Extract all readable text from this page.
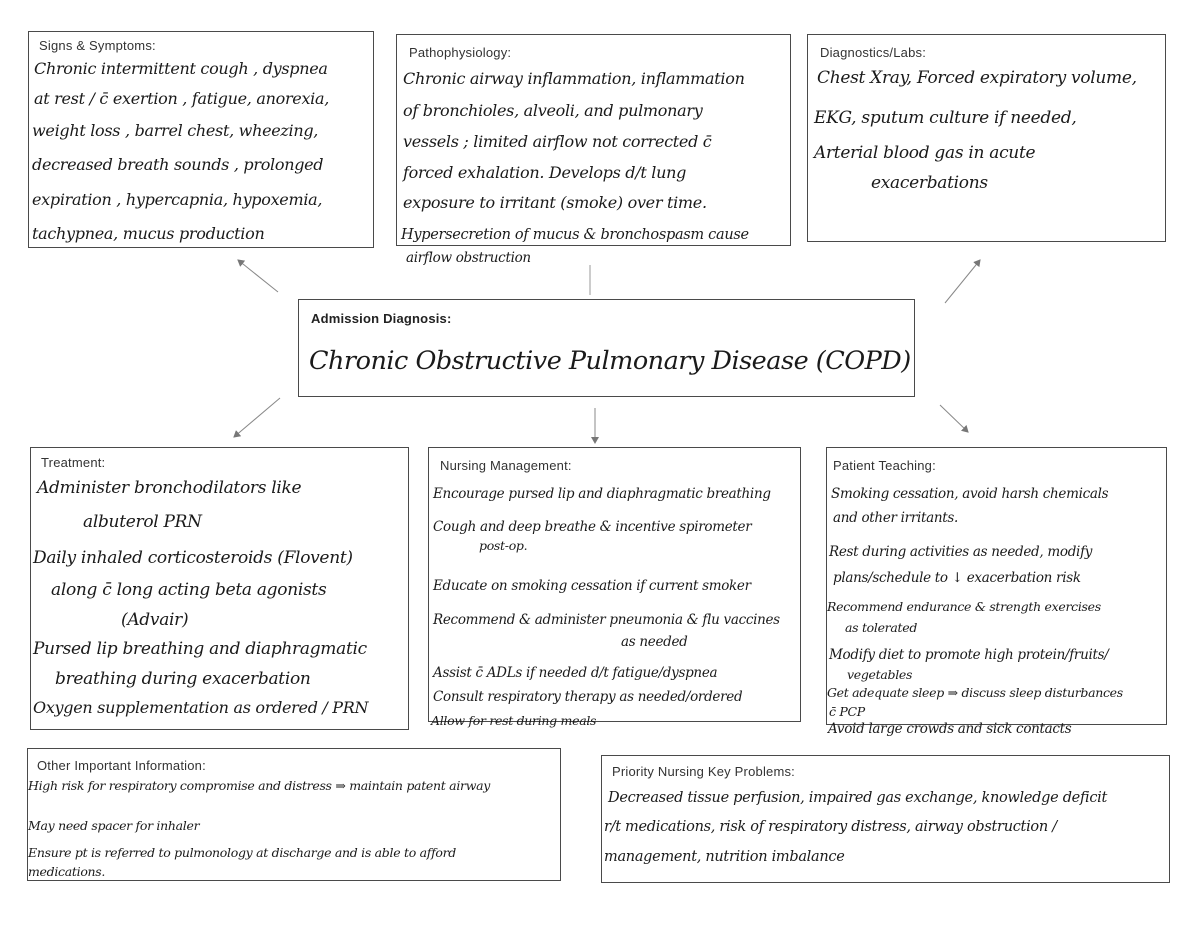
Signs & Symptoms:
Chronic intermittent cough , dyspnea
at rest / c̄ exertion , fatigue, anorexia,
weight loss , barrel chest, wheezing,
decreased breath sounds , prolonged
expiration , hypercapnia, hypoxemia,
tachypnea, mucus production
Pathophysiology:
Chronic airway inflammation, inflammation
of bronchioles, alveoli, and pulmonary
vessels ; limited airflow not corrected c̄
forced exhalation. Develops d/t lung
exposure to irritant (smoke) over time.
Hypersecretion of mucus & bronchospasm cause
airflow obstruction
Diagnostics/Labs:
Chest Xray, Forced expiratory volume,
EKG, sputum culture if needed,
Arterial blood gas in acute
exacerbations
Admission Diagnosis:
Chronic Obstructive Pulmonary Disease (COPD)
Treatment:
Administer bronchodilators like
albuterol PRN
Daily inhaled corticosteroids (Flovent)
along c̄ long acting beta agonists
(Advair)
Pursed lip breathing and diaphragmatic
breathing during exacerbation
Oxygen supplementation as ordered / PRN
Nursing Management:
Encourage pursed lip and diaphragmatic breathing
Cough and deep breathe & incentive spirometer
post-op.
Educate on smoking cessation if current smoker
Recommend & administer pneumonia & flu vaccines
as needed
Assist c̄ ADLs if needed d/t fatigue/dyspnea
Consult respiratory therapy as needed/ordered
Allow for rest during meals
Patient Teaching:
Smoking cessation, avoid harsh chemicals
and other irritants.
Rest during activities as needed, modify
plans/schedule to ↓ exacerbation risk
Recommend endurance & strength exercises
as tolerated
Modify diet to promote high protein/fruits/
vegetables
Get adequate sleep ⇒ discuss sleep disturbances
c̄ PCP
Avoid large crowds and sick contacts
Other Important Information:
High risk for respiratory compromise and distress ⇒ maintain patent airway
May need spacer for inhaler
Ensure pt is referred to pulmonology at discharge and is able to afford
medications.
Priority Nursing Key Problems:
Decreased tissue perfusion, impaired gas exchange, knowledge deficit
r/t medications, risk of respiratory distress, airway obstruction /
management, nutrition imbalance
